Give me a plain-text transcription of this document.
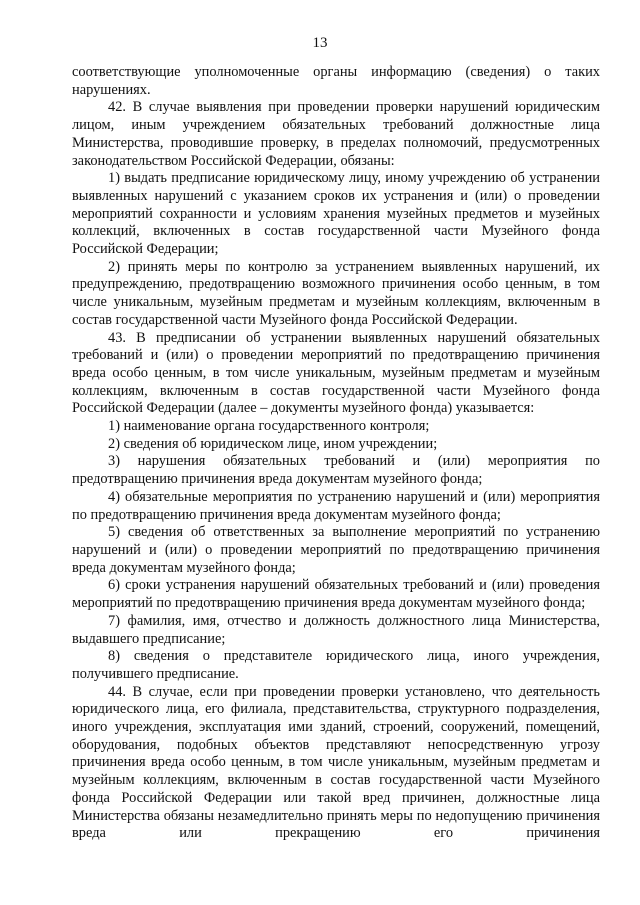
13

соответствующие уполномоченные органы информацию (сведения) о таких нарушениях.

42. В случае выявления при проведении проверки нарушений юридическим лицом, иным учреждением обязательных требований должностные лица Министерства, проводившие проверку, в пределах полномочий, предусмотренных законодательством Российской Федерации, обязаны:

1) выдать предписание юридическому лицу, иному учреждению об устранении выявленных нарушений с указанием сроков их устранения и (или) о проведении мероприятий сохранности и условиям хранения музейных предметов и музейных коллекций, включенных в состав государственной части Музейного фонда Российской Федерации;

2) принять меры по контролю за устранением выявленных нарушений, их предупреждению, предотвращению возможного причинения особо ценным, в том числе уникальным, музейным предметам и музейным коллекциям, включенным в состав государственной части Музейного фонда Российской Федерации.

43. В предписании об устранении выявленных нарушений обязательных требований и (или) о проведении мероприятий по предотвращению причинения вреда особо ценным, в том числе уникальным, музейным предметам и музейным коллекциям, включенным в состав государственной части Музейного фонда Российской Федерации (далее – документы музейного фонда) указывается:

1) наименование органа государственного контроля;

2) сведения об юридическом лице, ином учреждении;

3) нарушения обязательных требований и (или) мероприятия по предотвращению причинения вреда документам музейного фонда;

4) обязательные мероприятия по устранению нарушений и (или) мероприятия по предотвращению причинения вреда документам музейного фонда;

5) сведения об ответственных за выполнение мероприятий по устранению нарушений и (или) о проведении мероприятий по предотвращению причинения вреда документам музейного фонда;

6) сроки устранения нарушений обязательных требований и (или) проведения мероприятий по предотвращению причинения вреда документам музейного фонда;

7) фамилия, имя, отчество и должность должностного лица Министерства, выдавшего предписание;

8) сведения о представителе юридического лица, иного учреждения, получившего предписание.

44. В случае, если при проведении проверки установлено, что деятельность юридического лица, его филиала, представительства, структурного подразделения, иного учреждения, эксплуатация ими зданий, строений, сооружений, помещений, оборудования, подобных объектов представляют непосредственную угрозу причинения вреда особо ценным, в том числе уникальным, музейным предметам и музейным коллекциям, включенным в состав государственной части Музейного фонда Российской Федерации или такой вред причинен, должностные лица Министерства обязаны незамедлительно принять меры по недопущению причинения вреда или прекращению его причинения
